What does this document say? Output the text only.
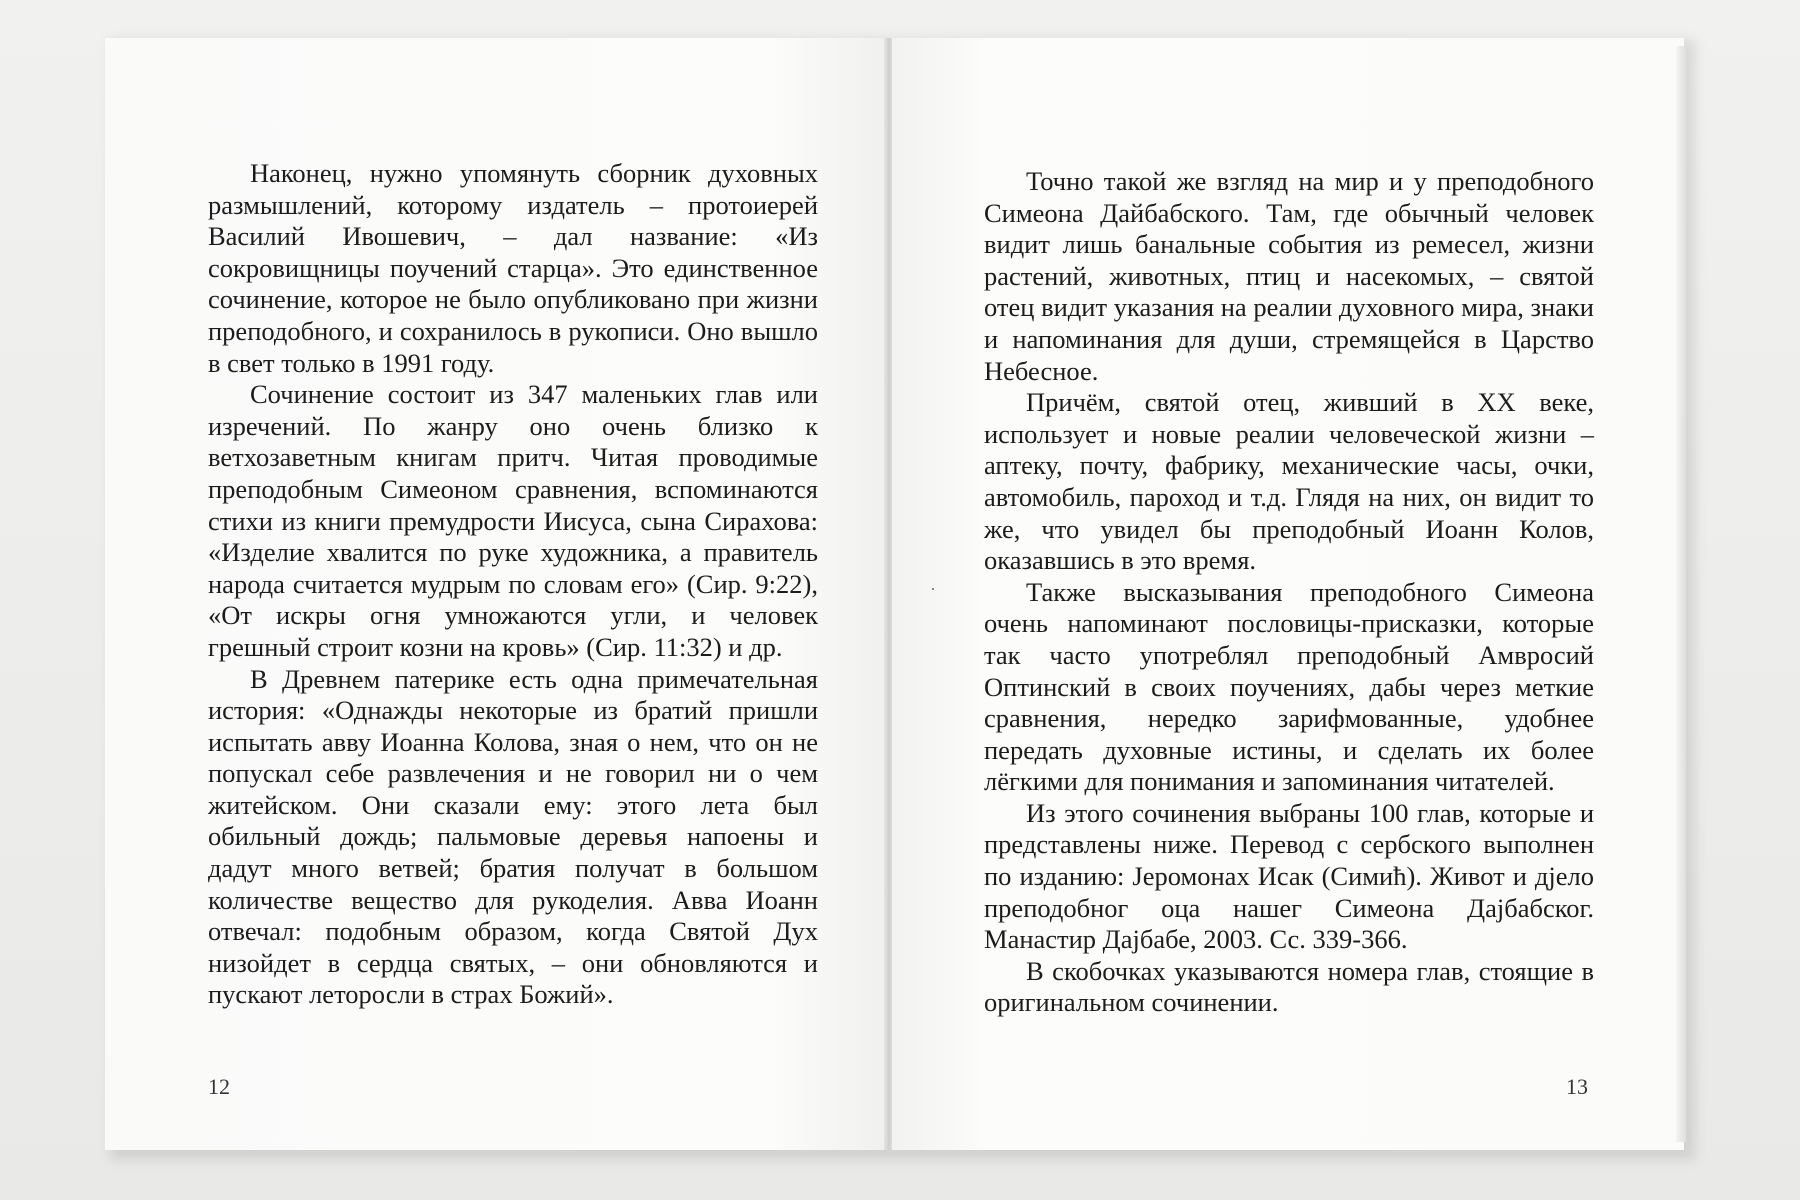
Наконец, нужно упомянуть сборник духовных размышлений, которому издатель – протоиерей Василий Ивошевич, – дал название: «Из сокровищницы поучений старца». Это единственное сочинение, которое не было опубликовано при жизни преподобного, и сохранилось в рукописи. Оно вышло в свет только в 1991 году.

Сочинение состоит из 347 маленьких глав или изречений. По жанру оно очень близко к ветхозаветным книгам притч. Читая проводимые преподобным Симеоном сравнения, вспоминаются стихи из книги премудрости Иисуса, сына Сирахова: «Изделие хвалится по руке художника, а правитель народа считается мудрым по словам его» (Сир. 9:22), «От искры огня умножаются угли, и человек грешный строит козни на кровь» (Сир. 11:32) и др.

В Древнем патерике есть одна примечательная история: «Однажды некоторые из братий пришли испытать авву Иоанна Колова, зная о нем, что он не попускал себе развлечения и не говорил ни о чем житейском. Они сказали ему: этого лета был обильный дождь; пальмовые деревья напоены и дадут много ветвей; братия получат в большом количестве вещество для рукоделия. Авва Иоанн отвечал: подобным образом, когда Святой Дух низойдет в сердца святых, – они обновляются и пускают леторосли в страх Божий».

12

Точно такой же взгляд на мир и у преподобного Симеона Дайбабского. Там, где обычный человек видит лишь банальные события из ремесел, жизни растений, животных, птиц и насекомых, – святой отец видит указания на реалии духовного мира, знаки и напоминания для души, стремящейся в Царство Небесное.

Причём, святой отец, живший в XX веке, использует и новые реалии человеческой жизни – аптеку, почту, фабрику, механические часы, очки, автомобиль, пароход и т.д. Глядя на них, он видит то же, что увидел бы преподобный Иоанн Колов, оказавшись в это время.

Также высказывания преподобного Симеона очень напоминают пословицы-присказки, которые так часто употреблял преподобный Амвросий Оптинский в своих поучениях, дабы через меткие сравнения, нередко зарифмованные, удобнее передать духовные истины, и сделать их более лёгкими для понимания и запоминания читателей.

Из этого сочинения выбраны 100 глав, которые и представлены ниже. Перевод с сербского выполнен по изданию: Јеромонах Исак (Симић). Живот и дјело преподобног оца нашег Симеона Дајбабског. Манастир Дајбабе, 2003. Сс. 339-366.

В скобочках указываются номера глав, стоящие в оригинальном сочинении.

13
